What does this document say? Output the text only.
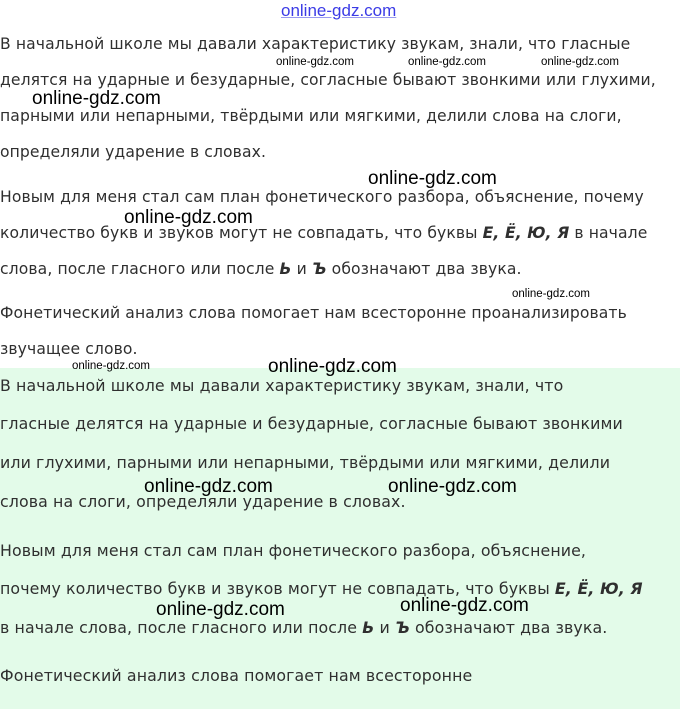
В начальной школе мы давали характеристику звукам, знали, что гласные
делятся на ударные и безударные, согласные бывают звонкими или глухими,
парными или непарными, твёрдыми или мягкими, делили слова на слоги,
определяли ударение в словах.
Новым для меня стал сам план фонетического разбора, объяснение, почему
количество букв и звуков могут не совпадать, что буквы Е, Ё, Ю, Я в начале
слова, после гласного или после Ь и Ъ обозначают два звука.
Фонетический анализ слова помогает нам всесторонне проанализировать
звучащее слово.
В начальной школе мы давали характеристику звукам, знали, что
гласные делятся на ударные и безударные, согласные бывают звонкими
или глухими, парными или непарными, твёрдыми или мягкими, делили
слова на слоги, определяли ударение в словах.
Новым для меня стал сам план фонетического разбора, объяснение,
почему количество букв и звуков могут не совпадать, что буквы Е, Ё, Ю, Я
в начале слова, после гласного или после Ь и Ъ обозначают два звука.
Фонетический анализ слова помогает нам всесторонне
online-gdz.com
online-gdz.com	online-gdz.com	online-gdz.com
online-gdz.com
online-gdz.com
online-gdz.com
online-gdz.com
online-gdz.com	online-gdz.com
online-gdz.com	online-gdz.com
online-gdz.com	online-gdz.com
